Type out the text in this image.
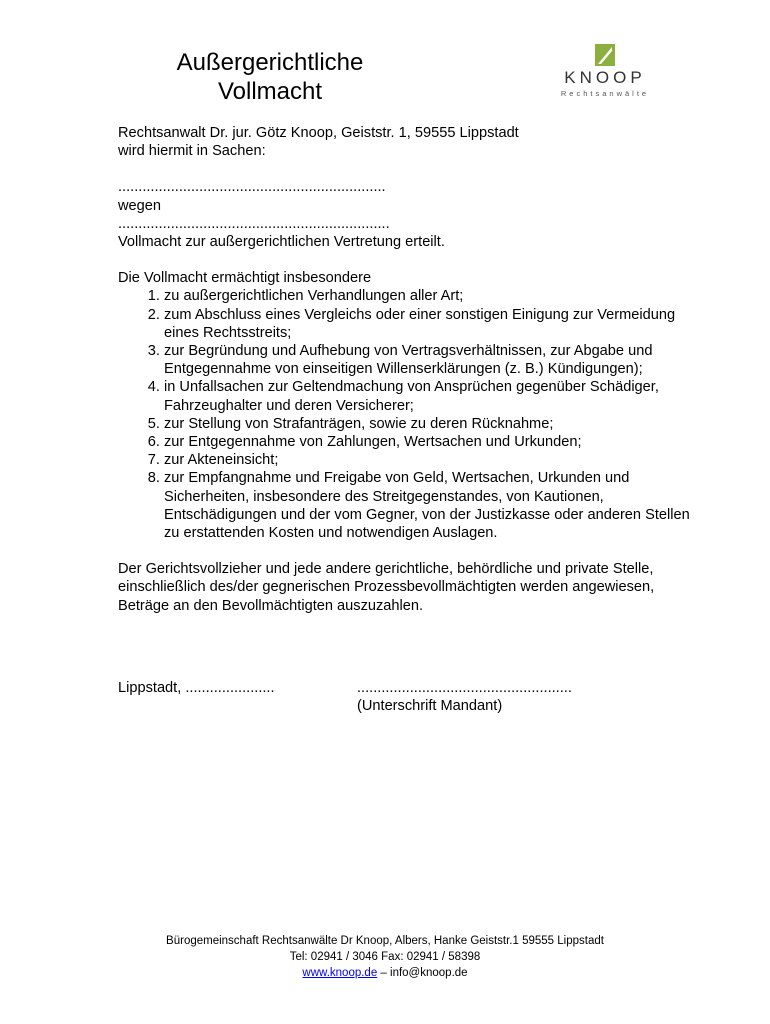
Außergerichtliche
Vollmacht
KNOOP
Rechtsanwälte

Rechtsanwalt Dr. jur. Götz Knoop, Geiststr. 1, 59555 Lippstadt

wird hiermit in Sachen:

..................................................................

wegen

...................................................................

Vollmacht zur außergerichtlichen Vertretung erteilt.

Die Vollmacht ermächtigt insbesondere

1. zu außergerichtlichen Verhandlungen aller Art;
2. zum Abschluss eines Vergleichs oder einer sonstigen Einigung zur Vermeidung eines Rechtsstreits;
3. zur Begründung und Aufhebung von Vertragsverhältnissen, zur Abgabe und Entgegennahme von einseitigen Willenserklärungen (z. B.) Kündigungen);
4. in Unfallsachen zur Geltendmachung von Ansprüchen gegenüber Schädiger, Fahrzeughalter und deren Versicherer;
5. zur Stellung von Strafanträgen, sowie zu deren Rücknahme;
6. zur Entgegennahme von Zahlungen, Wertsachen und Urkunden;
7. zur Akteneinsicht;
8. zur Empfangnahme und Freigabe von Geld, Wertsachen, Urkunden und Sicherheiten, insbesondere des Streitgegenstandes, von Kautionen, Entschädigungen und der vom Gegner, von der Justizkasse oder anderen Stellen zu erstattenden Kosten und notwendigen Auslagen.

Der Gerichtsvollzieher und jede andere gerichtliche, behördliche und private Stelle, einschließlich des/der gegnerischen Prozessbevollmächtigten werden angewiesen, Beträge an den Bevollmächtigten auszuzahlen.

Lippstadt, ......................	.....................................................
(Unterschrift Mandant)
Bürogemeinschaft Rechtsanwälte Dr Knoop, Albers, Hanke Geiststr.1 59555 Lippstadt
Tel: 02941 / 3046 Fax: 02941 / 58398
www.knoop.de – info@knoop.de
